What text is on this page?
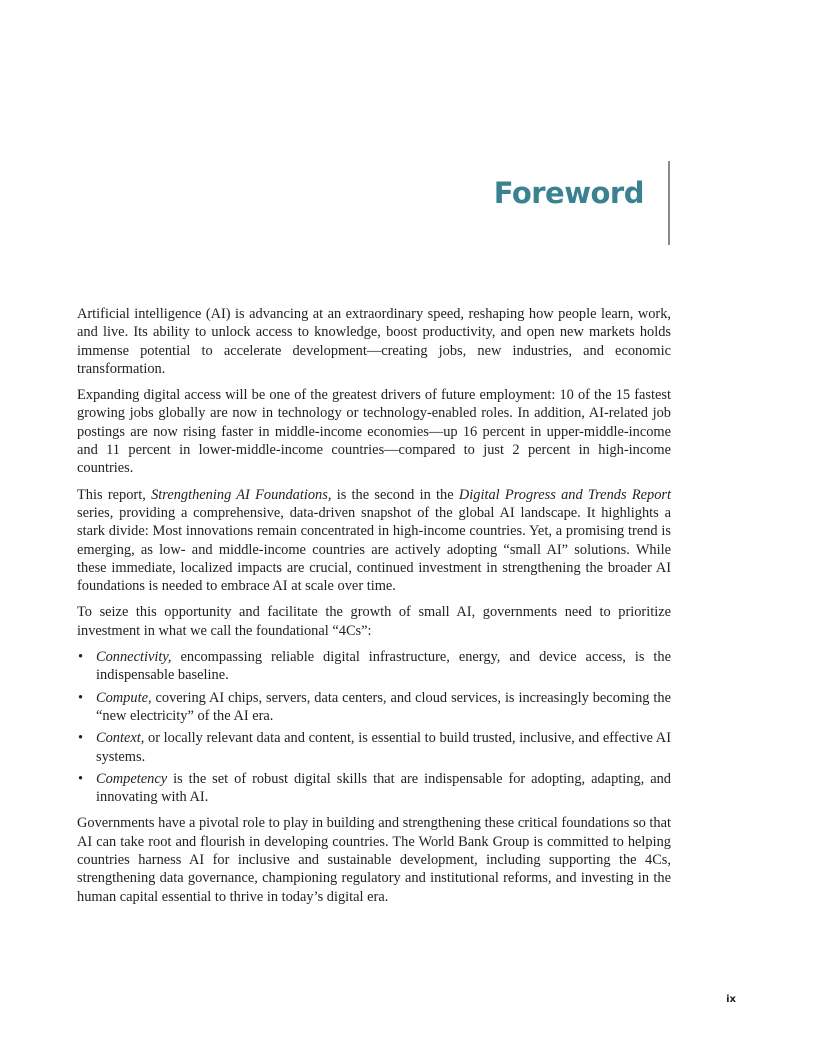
Foreword

Artificial intelligence (AI) is advancing at an extraordinary speed, reshaping how people learn, work, and live. Its ability to unlock access to knowledge, boost productivity, and open new markets holds immense potential to accelerate development—creating jobs, new industries, and economic transformation.

Expanding digital access will be one of the greatest drivers of future employment: 10 of the 15 fastest growing jobs globally are now in technology or technology-enabled roles. In addition, AI-related job postings are now rising faster in middle-income economies—up 16 percent in upper-middle-income and 11 percent in lower-middle-income countries—compared to just 2 percent in high-income countries.

This report, Strengthening AI Foundations, is the second in the Digital Progress and Trends Report series, providing a comprehensive, data-driven snapshot of the global AI landscape. It highlights a stark divide: Most innovations remain concentrated in high-income countries. Yet, a promising trend is emerging, as low- and middle-income countries are actively adopting “small AI” solutions. While these immediate, localized impacts are crucial, continued investment in strengthening the broader AI foundations is needed to embrace AI at scale over time.

To seize this opportunity and facilitate the growth of small AI, governments need to prioritize investment in what we call the foundational “4Cs”:

• Connectivity, encompassing reliable digital infrastructure, energy, and device access, is the indispensable baseline.
• Compute, covering AI chips, servers, data centers, and cloud services, is increasingly becoming the “new electricity” of the AI era.
• Context, or locally relevant data and content, is essential to build trusted, inclusive, and effective AI systems.
• Competency is the set of robust digital skills that are indispensable for adopting, adapting, and innovating with AI.

Governments have a pivotal role to play in building and strengthening these critical foundations so that AI can take root and flourish in developing countries. The World Bank Group is committed to helping countries harness AI for inclusive and sustainable development, including supporting the 4Cs, strengthening data governance, championing regulatory and institutional reforms, and investing in the human capital essential to thrive in today’s digital era.

ix
